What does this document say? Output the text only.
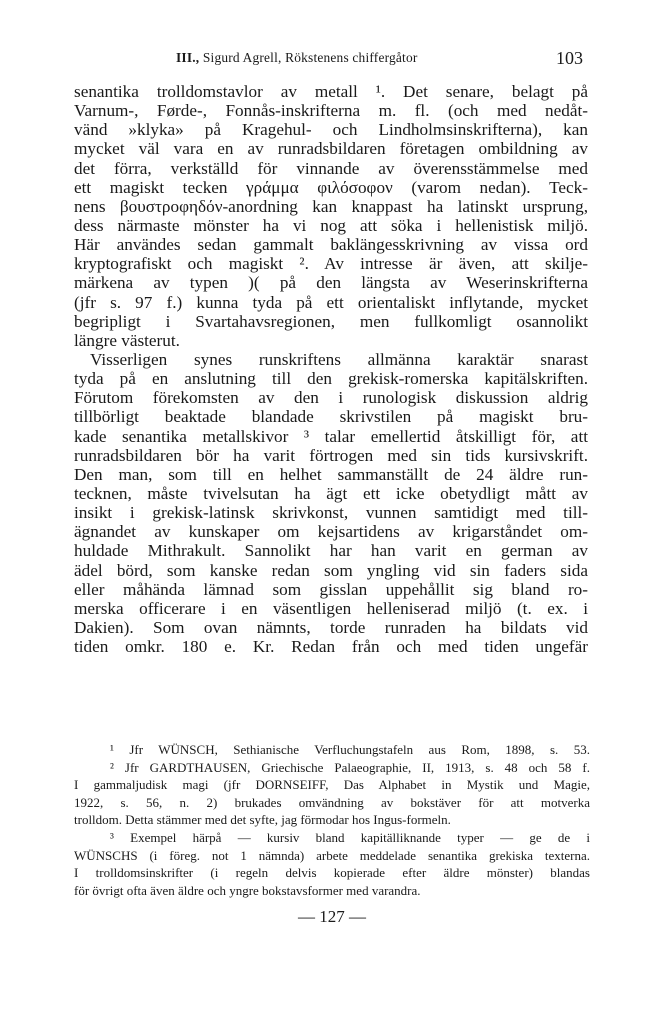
III., Sigurd Agrell, Rökstenens chiffergåtor	103
senantika trolldomstavlor av metall ¹. Det senare, belagt på
Varnum-, Førde-, Fonnås-inskrifterna m. fl. (och med nedåt-
vänd »klyka» på Kragehul- och Lindholmsinskrifterna), kan
mycket väl vara en av runradsbildaren företagen ombildning av
det förra, verkställd för vinnande av överensstämmelse med
ett magiskt tecken γράμμα φιλόσοφον (varom nedan). Teck-
nens βουστροφηδόν-anordning kan knappast ha latinskt ursprung,
dess närmaste mönster ha vi nog att söka i hellenistisk miljö.
Här användes sedan gammalt baklängesskrivning av vissa ord
kryptografiskt och magiskt ². Av intresse är även, att skilje-
märkena av typen )( på den längsta av Weserinskrifterna
(jfr s. 97 f.) kunna tyda på ett orientaliskt inflytande, mycket
begripligt i Svartahavsregionen, men fullkomligt osannolikt
längre västerut.
Visserligen synes runskriftens allmänna karaktär snarast
tyda på en anslutning till den grekisk-romerska kapitälskriften.
Förutom förekomsten av den i runologisk diskussion aldrig
tillbörligt beaktade blandade skrivstilen på magiskt bru-
kade senantika metallskivor ³ talar emellertid åtskilligt för, att
runradsbildaren bör ha varit förtrogen med sin tids kursivskrift.
Den man, som till en helhet sammanställt de 24 äldre run-
tecknen, måste tvivelsutan ha ägt ett icke obetydligt mått av
insikt i grekisk-latinsk skrivkonst, vunnen samtidigt med till-
ägnandet av kunskaper om kejsartidens av krigarståndet om-
huldade Mithrakult. Sannolikt har han varit en german av
ädel börd, som kanske redan som yngling vid sin faders sida
eller måhända lämnad som gisslan uppehållit sig bland ro-
merska officerare i en väsentligen helleniserad miljö (t. ex. i
Dakien). Som ovan nämnts, torde runraden ha bildats vid
tiden omkr. 180 e. Kr. Redan från och med tiden ungefär
¹ Jfr WÜNSCH, Sethianische Verfluchungstafeln aus Rom, 1898, s. 53.
² Jfr GARDTHAUSEN, Griechische Palaeographie, II, 1913, s. 48 och 58 f.
I gammaljudisk magi (jfr DORNSEIFF, Das Alphabet in Mystik und Magie,
1922, s. 56, n. 2) brukades omvändning av bokstäver för att motverka
trolldom. Detta stämmer med det syfte, jag förmodar hos Ingus-formeln.
³ Exempel härpå — kursiv bland kapitälliknande typer — ge de i
WÜNSCHS (i föreg. not 1 nämnda) arbete meddelade senantika grekiska texterna.
I trolldomsinskrifter (i regeln delvis kopierade efter äldre mönster) blandas
för övrigt ofta även äldre och yngre bokstavsformer med varandra.
— 127 —
